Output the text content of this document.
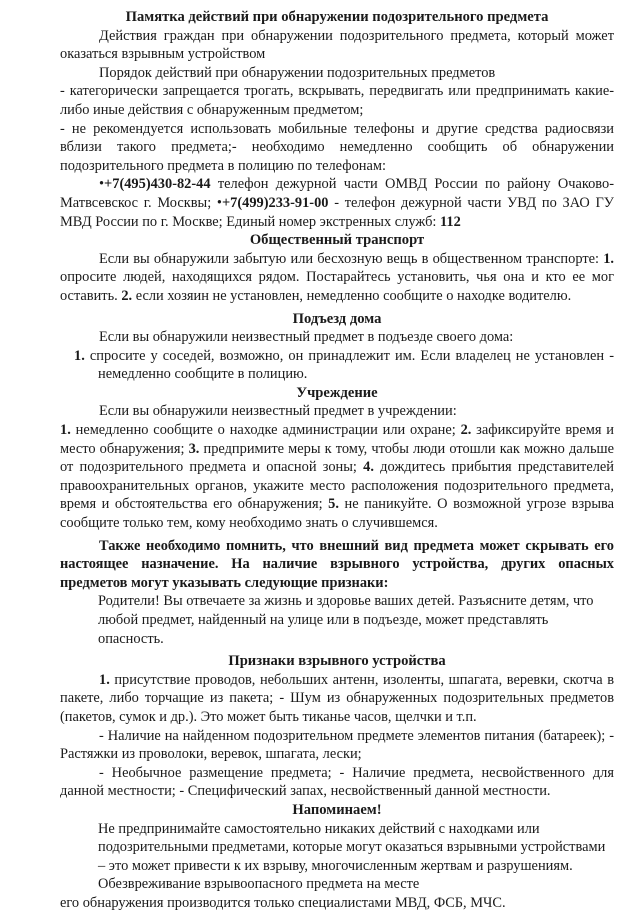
Памятка действий при обнаружении подозрительного предмета

Действия граждан при обнаружении подозрительного предмета, который может оказаться взрывным устройством

Порядок действий при обнаружении подозрительных предметов

- категорически запрещается трогать, вскрывать, передвигать или предпринимать какие-либо иные действия с обнаруженным предметом;

- не рекомендуется использовать мобильные телефоны и другие средства радиосвязи вблизи такого предмета;- необходимо немедленно сообщить об обнаружении подозрительного предмета в полицию по телефонам:

•+7(495)430-82-44 телефон дежурной части ОМВД России по району Очаково-Матвсевскос г. Москвы; •+7(499)233-91-00 - телефон дежурной части УВД по ЗАО ГУ МВД России по г. Москве; Единый номер экстренных служб: 112

Общественный транспорт

Если вы обнаружили забытую или бесхозную вещь в общественном транспорте: 1. опросите людей, находящихся рядом. Постарайтесь установить, чья она и кто ее мог оставить. 2. если хозяин не установлен, немедленно сообщите о находке водителю.

Подъезд дома

Если вы обнаружили неизвестный предмет в подъезде своего дома:

1. спросите у соседей, возможно, он принадлежит им. Если владелец не установлен - немедленно сообщите в полицию.

Учреждение

Если вы обнаружили неизвестный предмет в учреждении:

1. немедленно сообщите о находке администрации или охране; 2. зафиксируйте время и место обнаружения; 3. предпримите меры к тому, чтобы люди отошли как можно дальше от подозрительного предмета и опасной зоны; 4. дождитесь прибытия представителей правоохранительных органов, укажите место расположения подозрительного предмета, время и обстоятельства его обнаружения; 5. не паникуйте. О возможной угрозе взрыва сообщите только тем, кому необходимо знать о случившемся.

Также необходимо помнить, что внешний вид предмета может скрывать его настоящее назначение. На наличие взрывного устройства, других опасных предметов могут указывать следующие признаки:

Родители! Вы отвечаете за жизнь и здоровье ваших детей. Разъясните детям, что любой предмет, найденный на улице или в подъезде, может представлять опасность.

Признаки взрывного устройства

1. присутствие проводов, небольших антенн, изоленты, шпагата, веревки, скотча в пакете, либо торчащие из пакета; - Шум из обнаруженных подозрительных предметов (пакетов, сумок и др.). Это может быть тиканье часов, щелчки и т.п.

- Наличие на найденном подозрительном предмете элементов питания (батареек); - Растяжки из проволоки, веревок, шпагата, лески;

- Необычное размещение предмета; - Наличие предмета, несвойственного для данной местности; - Специфический запах, несвойственный данной местности.

Напоминаем!

Не предпринимайте самостоятельно никаких действий с находками или подозрительными предметами, которые могут оказаться взрывными устройствами – это может привести к их взрыву, многочисленным жертвам и разрушениям. Обезвреживание взрывоопасного предмета на месте

его обнаружения производится только специалистами МВД, ФСБ, МЧС.
